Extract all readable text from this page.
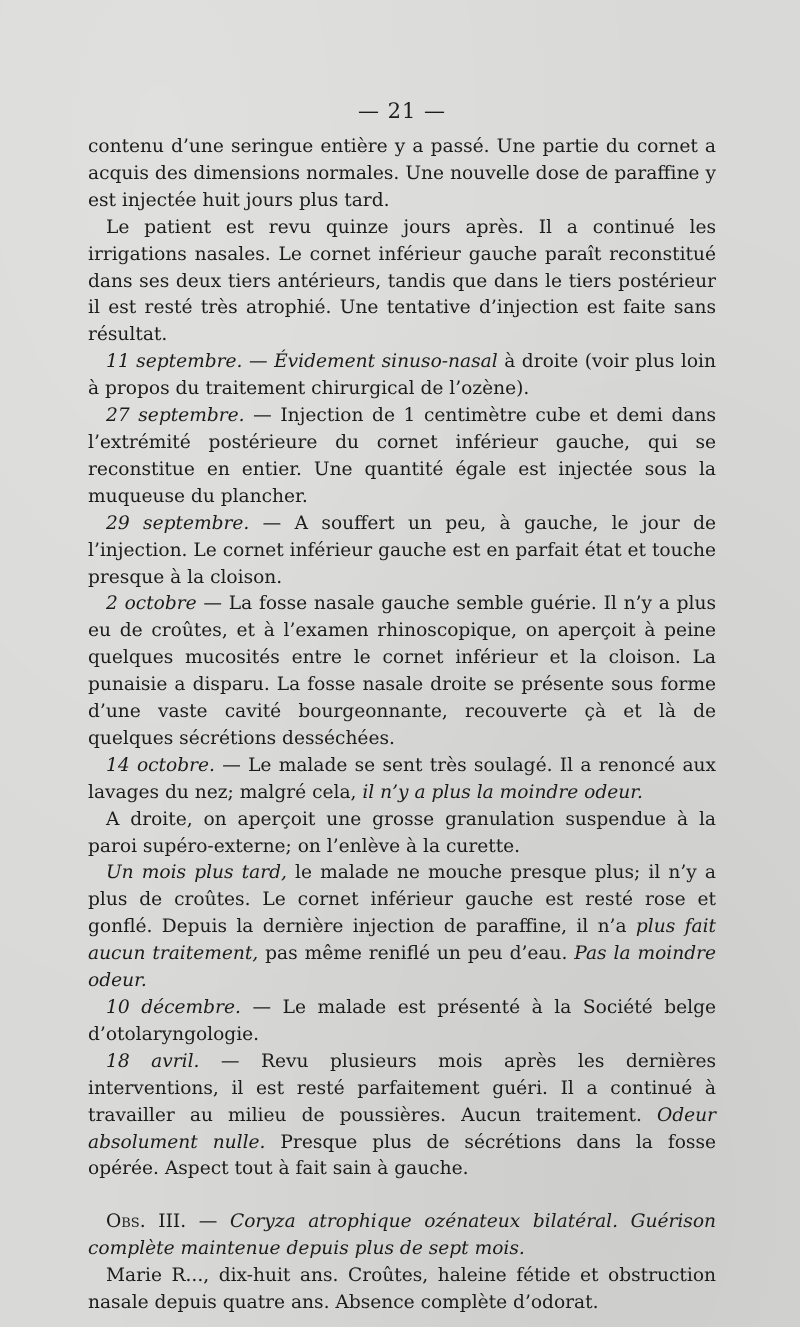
— 21 —

contenu d’une seringue entière y a passé. Une partie du cornet a acquis des dimensions normales. Une nouvelle dose de paraffine y est injectée huit jours plus tard.

Le patient est revu quinze jours après. Il a continué les irrigations nasales. Le cornet inférieur gauche paraît reconstitué dans ses deux tiers antérieurs, tandis que dans le tiers postérieur il est resté très atrophié. Une tentative d’injection est faite sans résultat.

11 septembre. — Évidement sinuso-nasal à droite (voir plus loin à propos du traitement chirurgical de l’ozène).

27 septembre. — Injection de 1 centimètre cube et demi dans l’extrémité postérieure du cornet inférieur gauche, qui se reconstitue en entier. Une quantité égale est injectée sous la muqueuse du plancher.

29 septembre. — A souffert un peu, à gauche, le jour de l’injection. Le cornet inférieur gauche est en parfait état et touche presque à la cloison.

2 octobre — La fosse nasale gauche semble guérie. Il n’y a plus eu de croûtes, et à l’examen rhinoscopique, on aperçoit à peine quelques mucosités entre le cornet inférieur et la cloison. La punaisie a disparu. La fosse nasale droite se présente sous forme d’une vaste cavité bourgeonnante, recouverte çà et là de quelques sécrétions desséchées.

14 octobre. — Le malade se sent très soulagé. Il a renoncé aux lavages du nez; malgré cela, il n’y a plus la moindre odeur.

A droite, on aperçoit une grosse granulation suspendue à la paroi supéro-externe; on l’enlève à la curette.

Un mois plus tard, le malade ne mouche presque plus; il n’y a plus de croûtes. Le cornet inférieur gauche est resté rose et gonflé. Depuis la dernière injection de paraffine, il n’a plus fait aucun traitement, pas même reniflé un peu d’eau. Pas la moindre odeur.

10 décembre. — Le malade est présenté à la Société belge d’otolaryngologie.

18 avril. — Revu plusieurs mois après les dernières interventions, il est resté parfaitement guéri. Il a continué à travailler au milieu de poussières. Aucun traitement. Odeur absolument nulle. Presque plus de sécrétions dans la fosse opérée. Aspect tout à fait sain à gauche.

Obs. III. — Coryza atrophique ozénateux bilatéral. Guérison complète maintenue depuis plus de sept mois.

Marie R..., dix-huit ans. Croûtes, haleine fétide et obstruction nasale depuis quatre ans. Absence complète d’odorat.
